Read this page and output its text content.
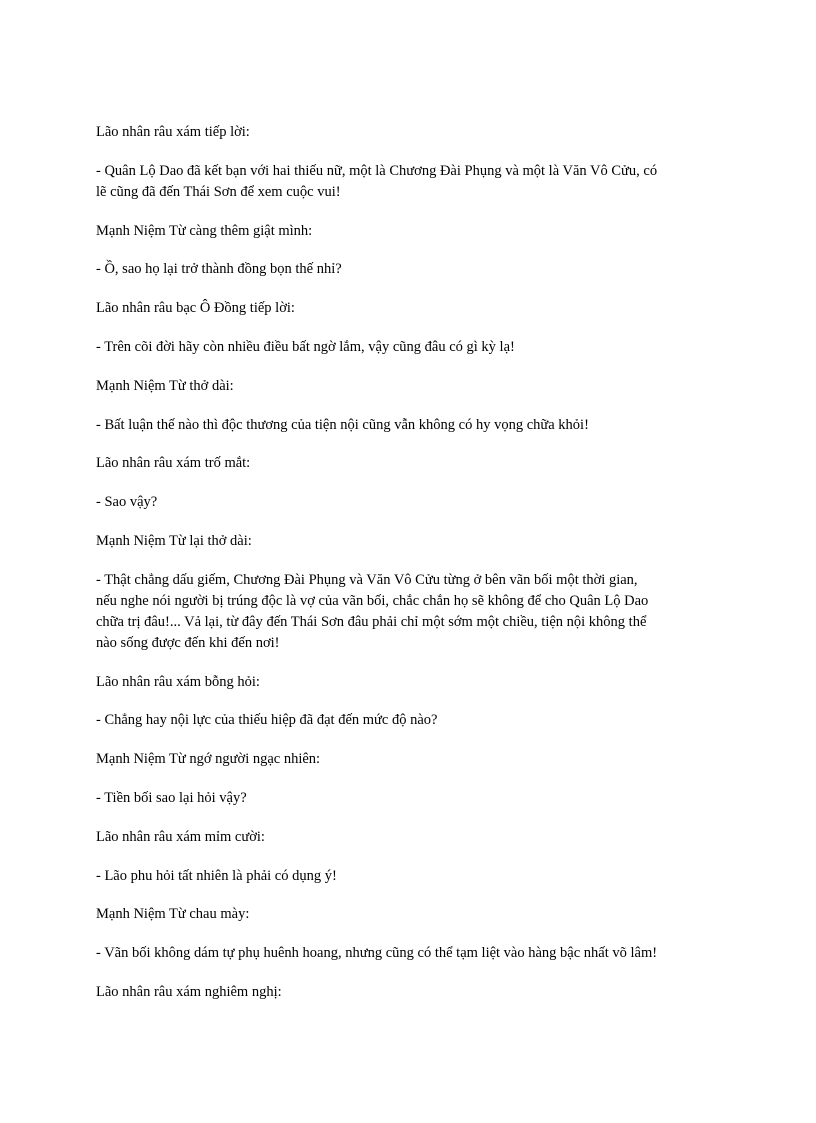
Lão nhân râu xám tiếp lời:

- Quân Lộ Dao đã kết bạn với hai thiếu nữ, một là Chương Đài Phụng và một là Văn Vô Cửu, có
lẽ cũng đã đến Thái Sơn để xem cuộc vui!

Mạnh Niệm Từ càng thêm giật mình:

- Ồ, sao họ lại trở thành đồng bọn thế nhỉ?

Lão nhân râu bạc Ô Đồng tiếp lời:

- Trên cõi đời hãy còn nhiều điều bất ngờ lắm, vậy cũng đâu có gì kỳ lạ!

Mạnh Niệm Từ thở dài:

- Bất luận thế nào thì độc thương của tiện nội cũng vẫn không có hy vọng chữa khỏi!

Lão nhân râu xám trố mắt:

- Sao vậy?

Mạnh Niệm Từ lại thở dài:

- Thật chẳng dấu giếm, Chương Đài Phụng và Văn Vô Cửu từng ở bên vãn bối một thời gian,
nếu nghe nói người bị trúng độc là vợ của vãn bối, chắc chắn họ sẽ không để cho Quân Lộ Dao
chữa trị đâu!... Vả lại, từ đây đến Thái Sơn đâu phải chỉ một sớm một chiều, tiện nội không thể
nào sống được đến khi đến nơi!

Lão nhân râu xám bỗng hỏi:

- Chẳng hay nội lực của thiếu hiệp đã đạt đến mức độ nào?

Mạnh Niệm Từ ngớ người ngạc nhiên:

- Tiền bối sao lại hỏi vậy?

Lão nhân râu xám mỉm cười:

- Lão phu hỏi tất nhiên là phải có dụng ý!

Mạnh Niệm Từ chau mày:

- Vãn bối không dám tự phụ huênh hoang, nhưng cũng có thể tạm liệt vào hàng bậc nhất võ lâm!

Lão nhân râu xám nghiêm nghị:
